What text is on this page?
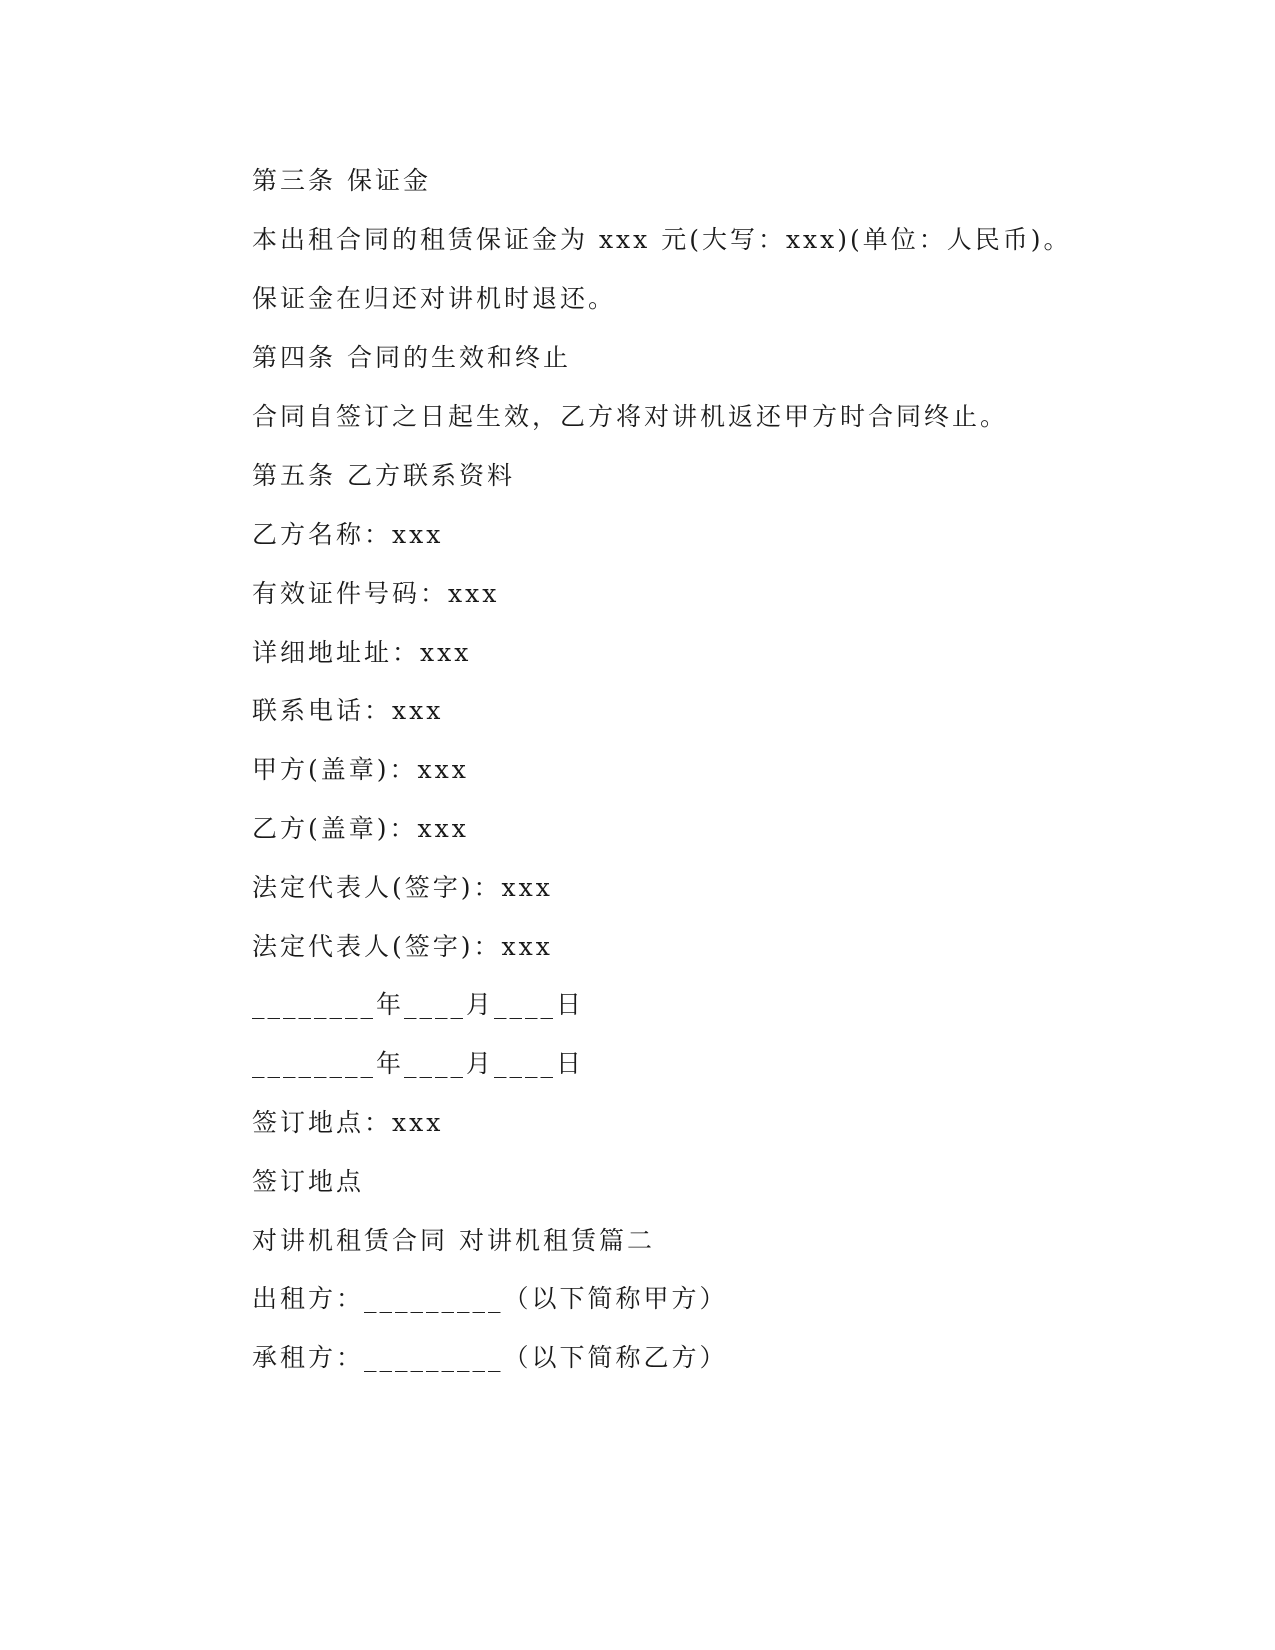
第三条 保证金
本出租合同的租赁保证金为 xxx 元(大写：xxx)(单位：人民币)。
保证金在归还对讲机时退还。
第四条 合同的生效和终止
合同自签订之日起生效，乙方将对讲机返还甲方时合同终止。
第五条 乙方联系资料
乙方名称：xxx
有效证件号码：xxx
详细地址址：xxx
联系电话：xxx
甲方(盖章)：xxx
乙方(盖章)：xxx
法定代表人(签字)：xxx
法定代表人(签字)：xxx
________年____月____日
________年____月____日
签订地点：xxx
签订地点
对讲机租赁合同 对讲机租赁篇二
出租方：_________（以下简称甲方）
承租方：_________（以下简称乙方）
